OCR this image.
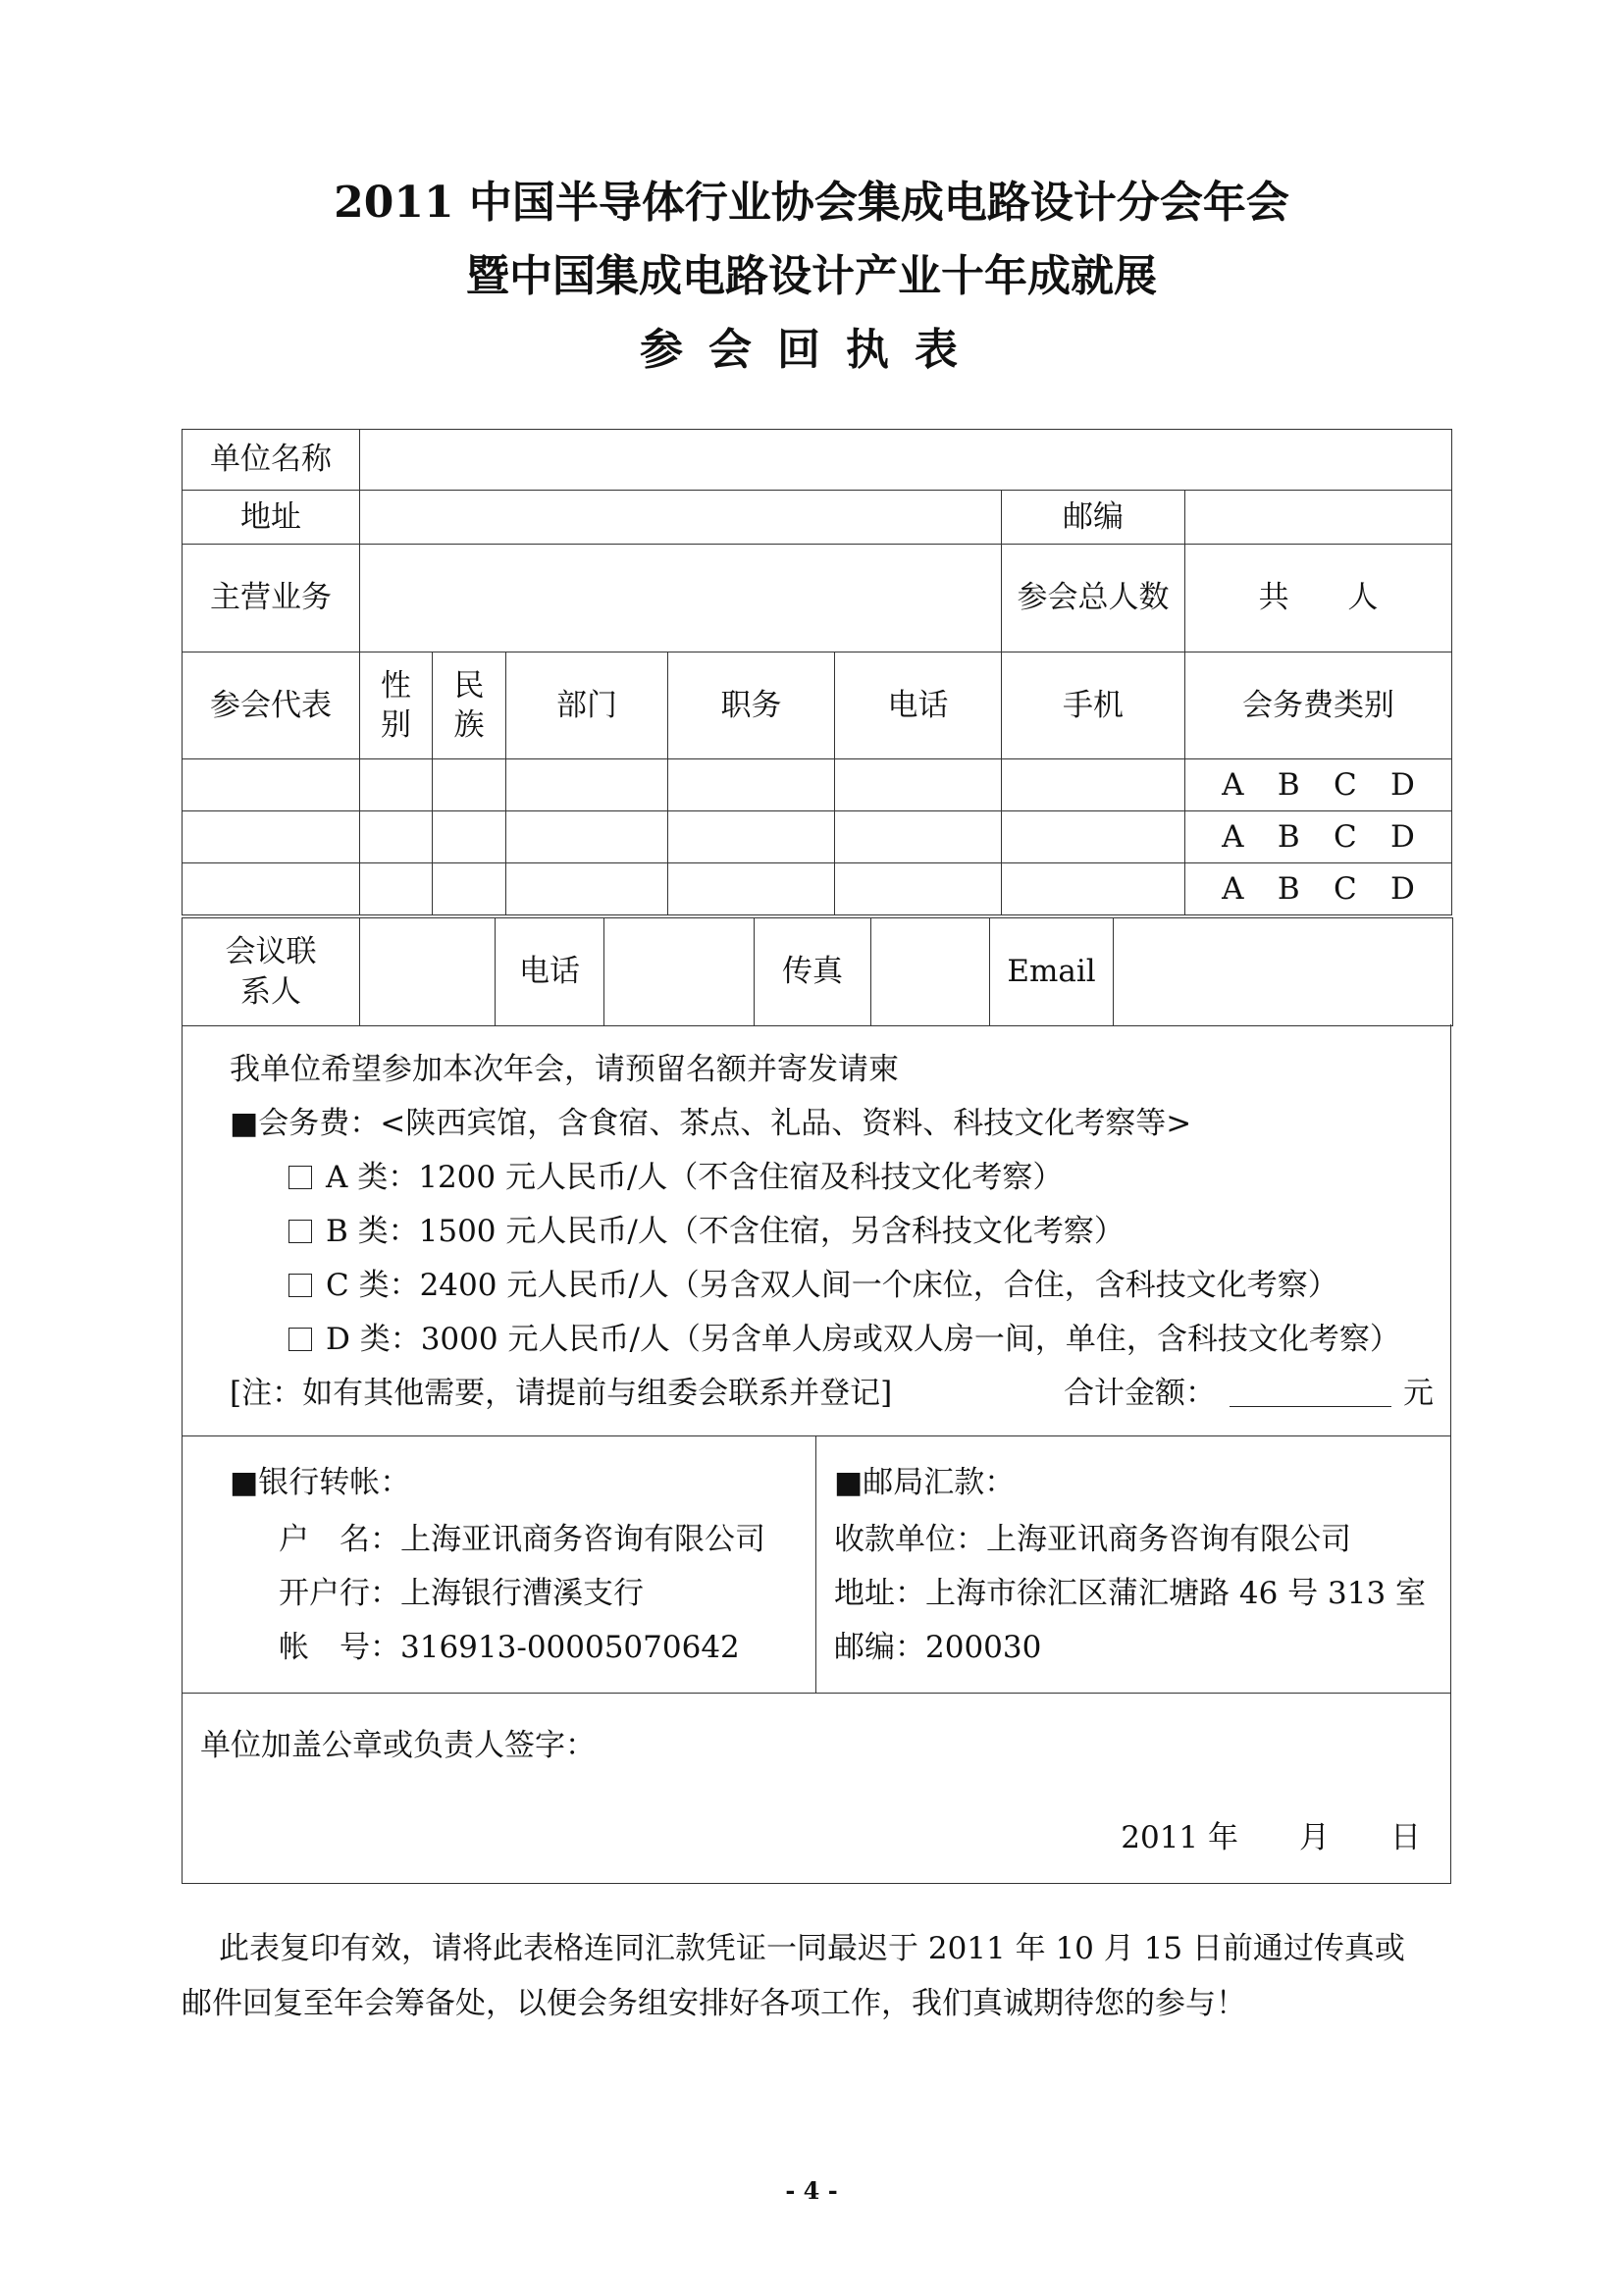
2011 中国半导体行业协会集成电路设计分会年会
暨中国集成电路设计产业十年成就展
参会回执表
单位名称							
地址						邮编	
主营业务						参会总人数	共 人
参会代表	性别	民族	部门	职务	电话	手机	会务费类别

							A B C D

							A B C D

							A B C D
会议联系人		电话		传真		Email	
我单位希望参加本次年会，请预留名额并寄发请柬
■会务费：<陕西宾馆，含食宿、茶点、礼品、资料、科技文化考察等>
A 类：1200 元人民币/人（不含住宿及科技文化考察）
B 类：1500 元人民币/人（不含住宿，另含科技文化考察）
C 类：2400 元人民币/人（另含双人间一个床位，合住，含科技文化考察）
D 类：3000 元人民币/人（另含单人房或双人房一间，单住，含科技文化考察）
[注：如有其他需要，请提前与组委会联系并登记]	合计金额：	元
■银行转帐：
户　名：上海亚讯商务咨询有限公司
开户行：上海银行漕溪支行
帐　号：316913-00005070642
■邮局汇款：
收款单位：上海亚讯商务咨询有限公司
地址：上海市徐汇区蒲汇塘路 46 号 313 室
邮编：200030
单位加盖公章或负责人签字：
2011 年　　月　　日
此表复印有效，请将此表格连同汇款凭证一同最迟于 2011 年 10 月 15 日前通过传真或
邮件回复至年会筹备处，以便会务组安排好各项工作，我们真诚期待您的参与！
- 4 -
